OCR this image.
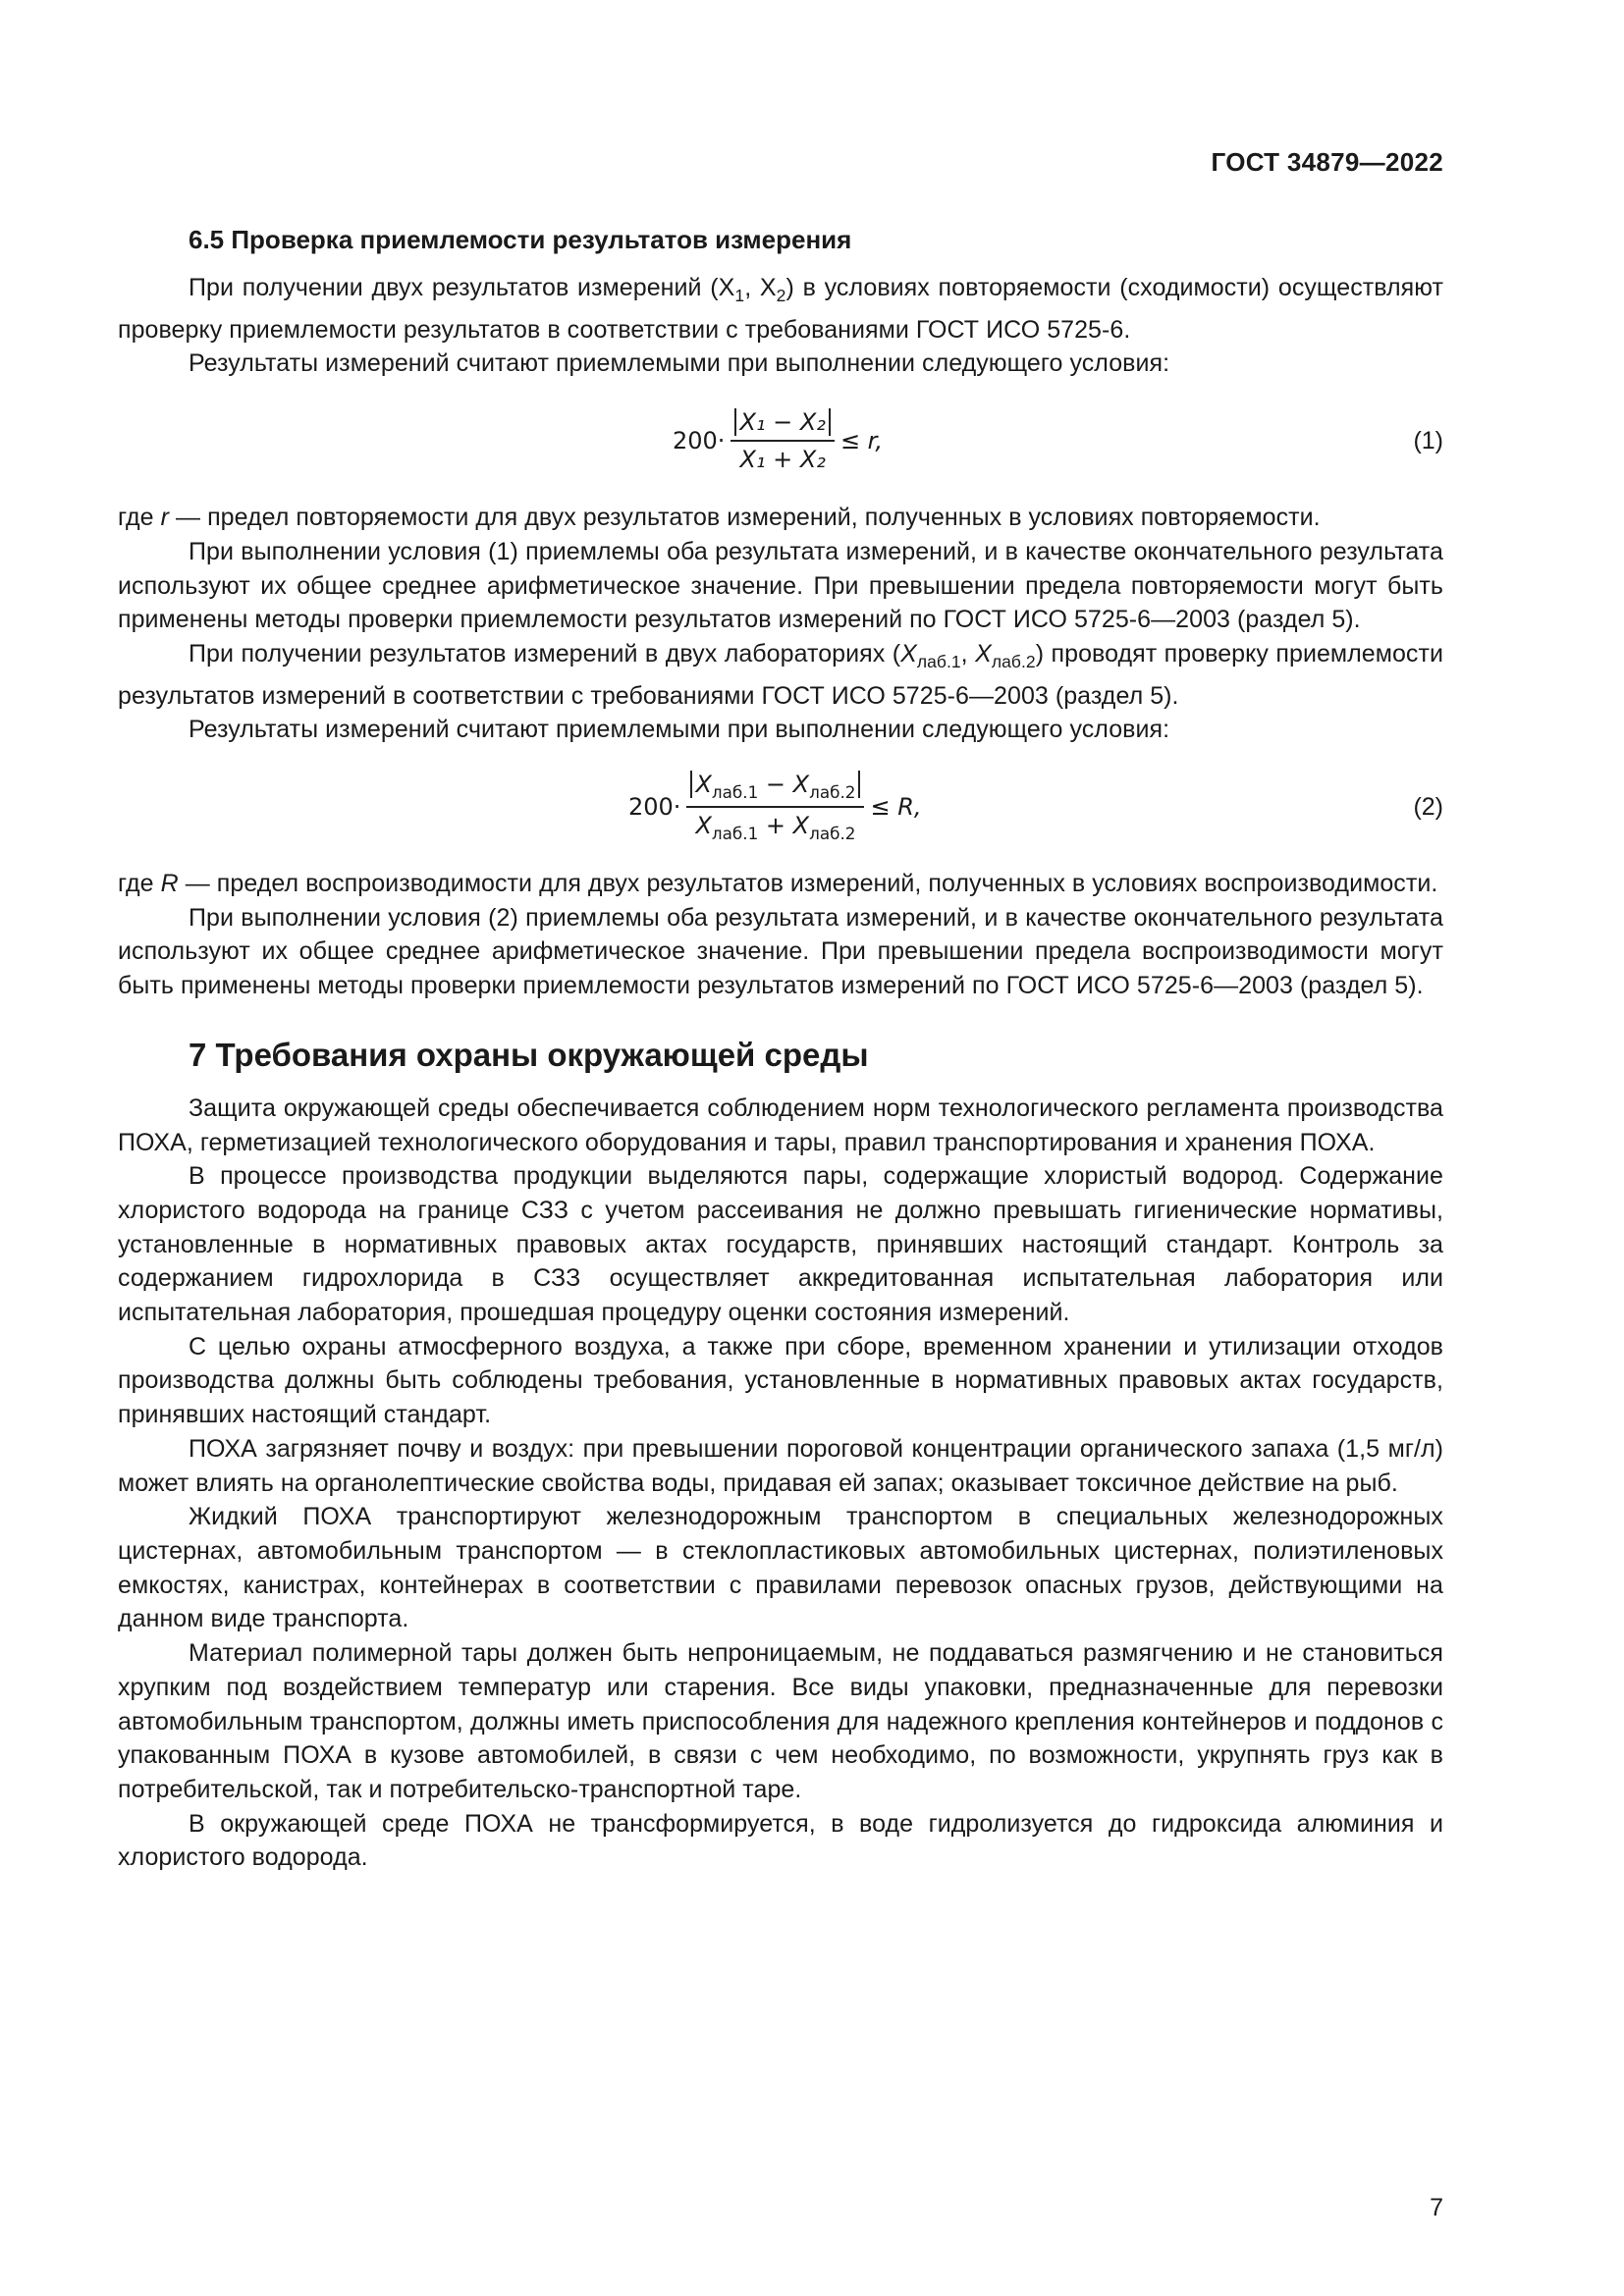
ГОСТ 34879—2022
6.5 Проверка приемлемости результатов измерения

При получении двух результатов измерений ($X_1$, $X_2$) в условиях повторяемости (сходимости) осуществляют проверку приемлемости результатов в соответствии с требованиями ГОСТ ИСО 5725-6.

Результаты измерений считают приемлемыми при выполнении следующего условия:

$200\cdot \frac{\text{X₁ − X₂}}{\text{X₁ + X₂}} \le r$,	(1)

где r — предел повторяемости для двух результатов измерений, полученных в условиях повторяемости.

При выполнении условия (1) приемлемы оба результата измерений, и в качестве окончательного результата используют их общее среднее арифметическое значение. При превышении предела повторяемости могут быть применены методы проверки приемлемости результатов измерений по ГОСТ ИСО 5725-6—2003 (раздел 5).

При получении результатов измерений в двух лабораториях ($X_{лаб.1}$, $X_{лаб.2}$) проводят проверку приемлемости результатов измерений в соответствии с требованиями ГОСТ ИСО 5725-6—2003 (раздел 5).

Результаты измерений считают приемлемыми при выполнении следующего условия:

$200\cdot \frac{X_{лаб.1} - X_{лаб.2}}{X_{лаб.1} + X_{лаб.2}} \le R$,	(2)

где R — предел воспроизводимости для двух результатов измерений, полученных в условиях воспроизводимости.

При выполнении условия (2) приемлемы оба результата измерений, и в качестве окончательного результата используют их общее среднее арифметическое значение. При превышении предела воспроизводимости могут быть применены методы проверки приемлемости результатов измерений по ГОСТ ИСО 5725-6—2003 (раздел 5).

7 Требования охраны окружающей среды

Защита окружающей среды обеспечивается соблюдением норм технологического регламента производства ПОХА, герметизацией технологического оборудования и тары, правил транспортирования и хранения ПОХА.

В процессе производства продукции выделяются пары, содержащие хлористый водород. Содержание хлористого водорода на границе СЗЗ с учетом рассеивания не должно превышать гигиенические нормативы, установленные в нормативных правовых актах государств, принявших настоящий стандарт. Контроль за содержанием гидрохлорида в СЗЗ осуществляет аккредитованная испытательная лаборатория или испытательная лаборатория, прошедшая процедуру оценки состояния измерений.

С целью охраны атмосферного воздуха, а также при сборе, временном хранении и утилизации отходов производства должны быть соблюдены требования, установленные в нормативных правовых актах государств, принявших настоящий стандарт.

ПОХА загрязняет почву и воздух: при превышении пороговой концентрации органического запаха (1,5 мг/л) может влиять на органолептические свойства воды, придавая ей запах; оказывает токсичное действие на рыб.

Жидкий ПОХА транспортируют железнодорожным транспортом в специальных железнодорожных цистернах, автомобильным транспортом — в стеклопластиковых автомобильных цистернах, полиэтиленовых емкостях, канистрах, контейнерах в соответствии с правилами перевозок опасных грузов, действующими на данном виде транспорта.

Материал полимерной тары должен быть непроницаемым, не поддаваться размягчению и не становиться хрупким под воздействием температур или старения. Все виды упаковки, предназначенные для перевозки автомобильным транспортом, должны иметь приспособления для надежного крепления контейнеров и поддонов с упакованным ПОХА в кузове автомобилей, в связи с чем необходимо, по возможности, укрупнять груз как в потребительской, так и потребительско-транспортной таре.

В окружающей среде ПОХА не трансформируется, в воде гидролизуется до гидроксида алюминия и хлористого водорода.

7
